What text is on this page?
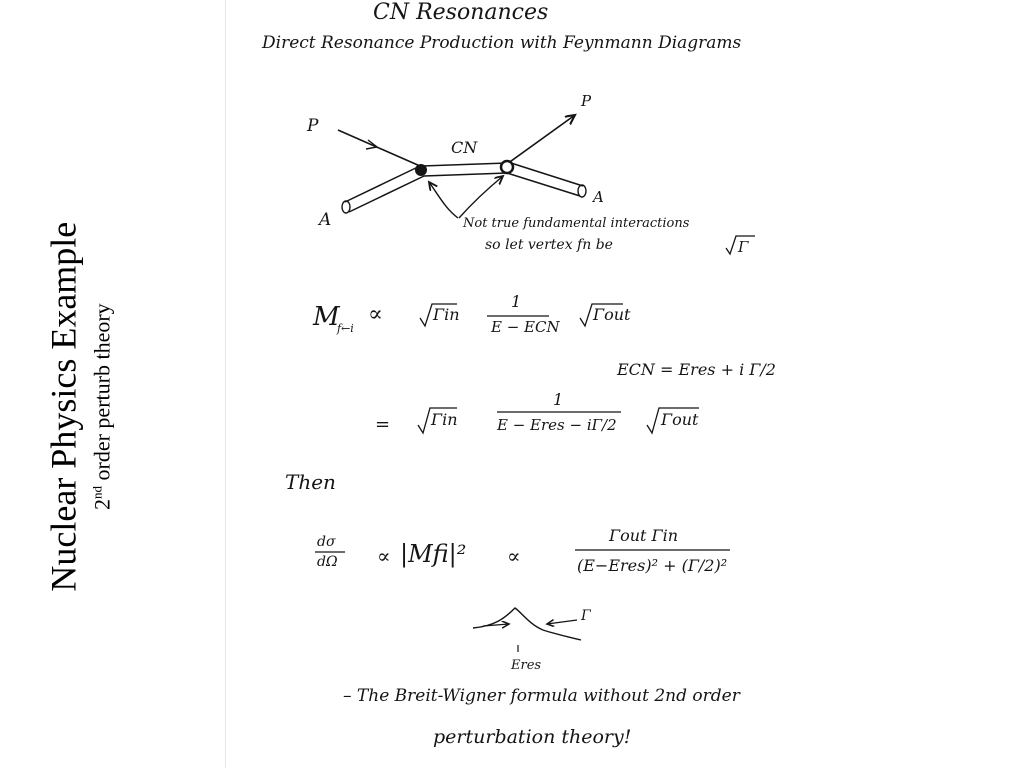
Nuclear Physics Example 2nd order perturb theory
CN Resonances
Direct Resonance Production with Feynmann Diagrams
Γ
P
P
A
A
CN
Not true fundamental interactions
so let vertex fn be
M
f←i
∝	Γin
1
E − ECN
Γout
ECN = Eres + i Γ/2
=	Γin
1
E − Eres − iΓ/2	Γout
Then
dσ
dΩ ∝ |Mfi|² ∝
Γout Γin
(E−Eres)² + (Γ/2)²
Γ
Eres
– The Breit-Wigner formula without 2nd order
perturbation theory!
